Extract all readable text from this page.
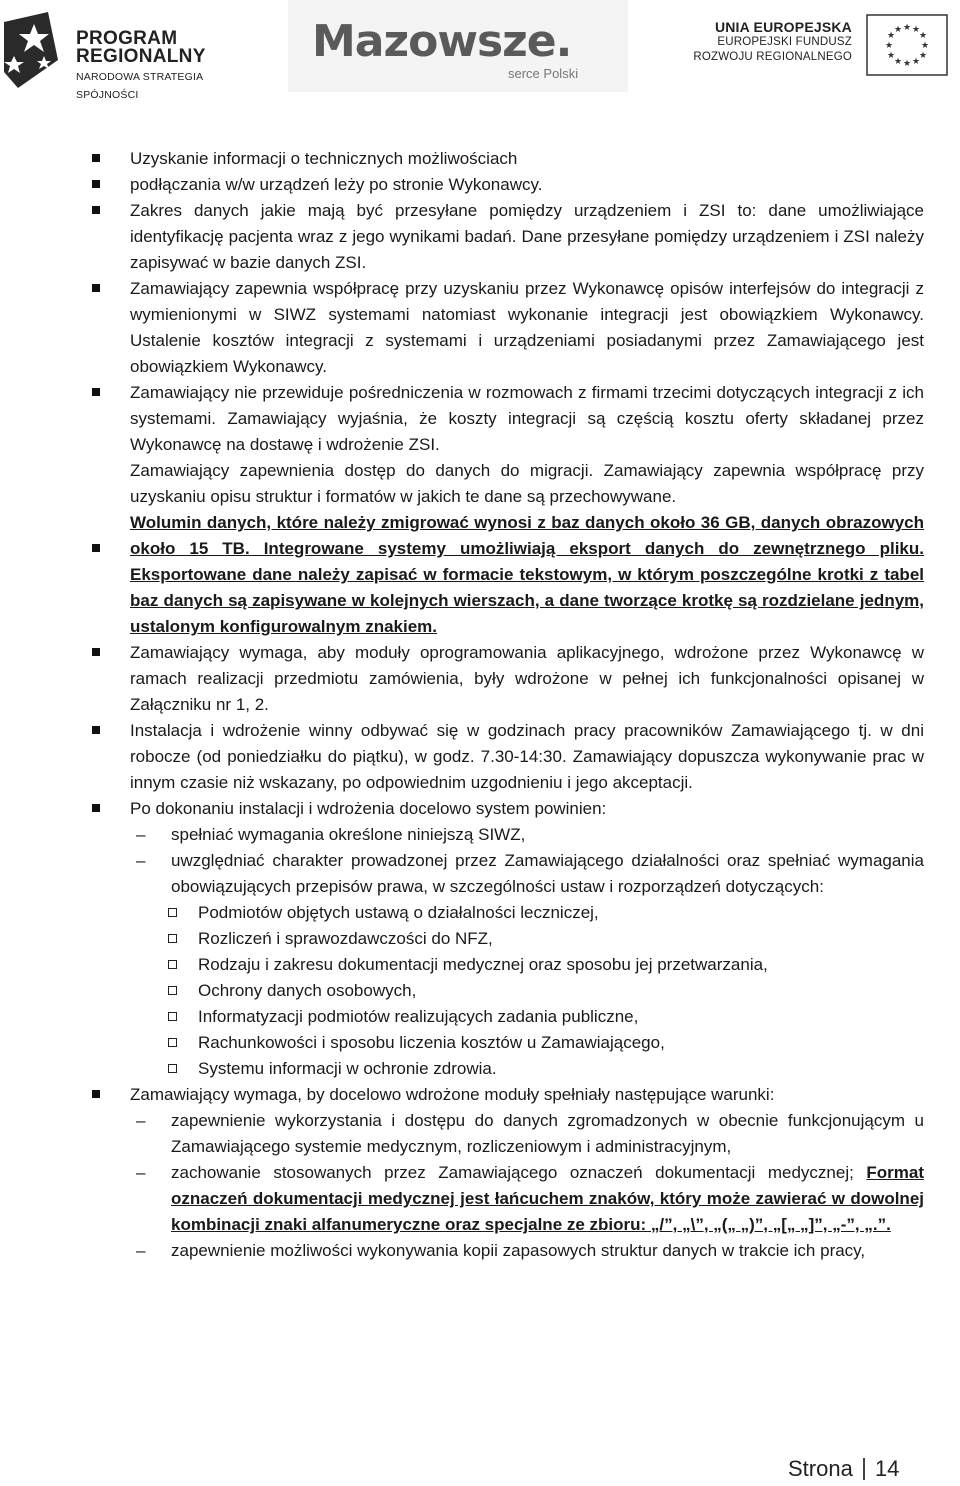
PROGRAM
REGIONALNY
NARODOWA STRATEGIA SPÓJNOŚCI
Mazowsze.
serce Polski
UNIA EUROPEJSKA
EUROPEJSKI FUNDUSZ
ROZWOJU REGIONALNEGO
★ ★
★
★
★
★
★
★
★
★
★
★

Uzyskanie informacji o technicznych możliwościach

podłączania w/w urządzeń leży po stronie Wykonawcy.

Zakres danych jakie mają być przesyłane pomiędzy urządzeniem i ZSI to: dane umożliwiające identyfikację pacjenta wraz z jego wynikami badań. Dane przesyłane pomiędzy urządzeniem i ZSI należy zapisywać w bazie danych ZSI.

Zamawiający zapewnia współpracę przy uzyskaniu przez Wykonawcę opisów interfejsów do integracji z wymienionymi w SIWZ systemami natomiast wykonanie integracji jest obowiązkiem Wykonawcy. Ustalenie kosztów integracji z systemami i urządzeniami posiadanymi przez Zamawiającego jest obowiązkiem Wykonawcy.

Zamawiający nie przewiduje pośredniczenia w rozmowach z firmami trzecimi dotyczących integracji z ich systemami. Zamawiający wyjaśnia, że koszty integracji są częścią kosztu oferty składanej przez Wykonawcę na dostawę i wdrożenie ZSI.

Zamawiający zapewnienia dostęp do danych do migracji. Zamawiający zapewnia współpracę przy uzyskaniu opisu struktur i formatów w jakich te dane są przechowywane.

Wolumin danych, które należy zmigrować wynosi z baz danych około 36 GB, danych obrazowych około 15 TB. Integrowane systemy umożliwiają eksport danych do zewnętrznego pliku. Eksportowane dane należy zapisać w formacie tekstowym, w którym poszczególne krotki z tabel baz danych są zapisywane w kolejnych wierszach, a dane tworzące krotkę są rozdzielane jednym, ustalonym konfigurowalnym znakiem.

Zamawiający wymaga, aby moduły oprogramowania aplikacyjnego, wdrożone przez Wykonawcę w ramach realizacji przedmiotu zamówienia, były wdrożone w pełnej ich funkcjonalności opisanej w Załączniku nr 1, 2.

Instalacja i wdrożenie winny odbywać się w godzinach pracy pracowników Zamawiającego tj. w dni robocze (od poniedziałku do piątku), w godz. 7.30-14:30. Zamawiający dopuszcza wykonywanie prac w innym czasie niż wskazany, po odpowiednim uzgodnieniu i jego akceptacji.

Po dokonaniu instalacji i wdrożenia docelowo system powinien:

‒ spełniać wymagania określone niniejszą SIWZ,

‒ uwzględniać charakter prowadzonej przez Zamawiającego działalności oraz spełniać wymagania obowiązujących przepisów prawa, w szczególności ustaw i rozporządzeń dotyczących:

Podmiotów objętych ustawą o działalności leczniczej,

Rozliczeń i sprawozdawczości do NFZ,

Rodzaju i zakresu dokumentacji medycznej oraz sposobu jej przetwarzania,

Ochrony danych osobowych,

Informatyzacji podmiotów realizujących zadania publiczne,

Rachunkowości i sposobu liczenia kosztów u Zamawiającego,

Systemu informacji w ochronie zdrowia.

Zamawiający wymaga, by docelowo wdrożone moduły spełniały następujące warunki:

‒ zapewnienie wykorzystania i dostępu do danych zgromadzonych w obecnie funkcjonującym u Zamawiającego systemie medycznym, rozliczeniowym i administracyjnym,

‒ zachowanie stosowanych przez Zamawiającego oznaczeń dokumentacji medycznej; Format oznaczeń dokumentacji medycznej jest łańcuchem znaków, który może zawierać w dowolnej kombinacji znaki alfanumeryczne oraz specjalne ze zbioru: „/”, „\”, „(„ „)”, „[„ „]”, „-”, „.”.

‒ zapewnienie możliwości wykonywania kopii zapasowych struktur danych w trakcie ich pracy,

Strona 14
